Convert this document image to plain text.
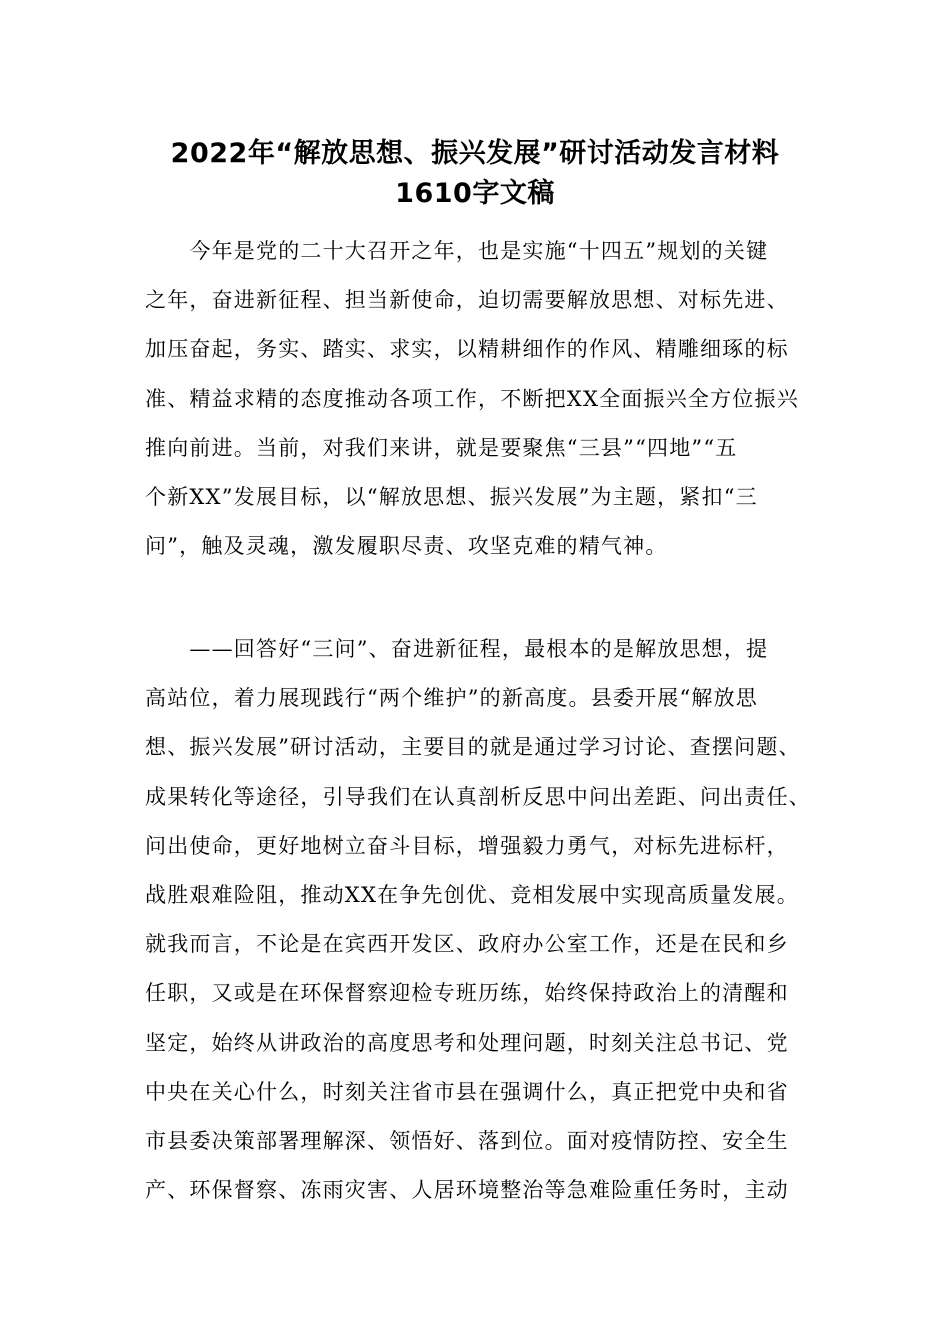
2022年“解放思想、振兴发展”研讨活动发言材料
1610字文稿
　　今年是党的二十大召开之年，也是实施“十四五”规划的关键
之年，奋进新征程、担当新使命，迫切需要解放思想、对标先进、
加压奋起，务实、踏实、求实，以精耕细作的作风、精雕细琢的标
准、精益求精的态度推动各项工作，不断把XX全面振兴全方位振兴
推向前进。当前，对我们来讲，就是要聚焦“三县”“四地”“五
个新XX”发展目标，以“解放思想、振兴发展”为主题，紧扣“三
问”，触及灵魂，激发履职尽责、攻坚克难的精气神。
　　——回答好“三问”、奋进新征程，最根本的是解放思想，提
高站位，着力展现践行“两个维护”的新高度。县委开展“解放思
想、振兴发展”研讨活动，主要目的就是通过学习讨论、查摆问题、
成果转化等途径，引导我们在认真剖析反思中问出差距、问出责任、
问出使命，更好地树立奋斗目标，增强毅力勇气，对标先进标杆，
战胜艰难险阻，推动XX在争先创优、竞相发展中实现高质量发展。
就我而言，不论是在宾西开发区、政府办公室工作，还是在民和乡
任职，又或是在环保督察迎检专班历练，始终保持政治上的清醒和
坚定，始终从讲政治的高度思考和处理问题，时刻关注总书记、党
中央在关心什么，时刻关注省市县在强调什么，真正把党中央和省
市县委决策部署理解深、领悟好、落到位。面对疫情防控、安全生
产、环保督察、冻雨灾害、人居环境整治等急难险重任务时，主动
